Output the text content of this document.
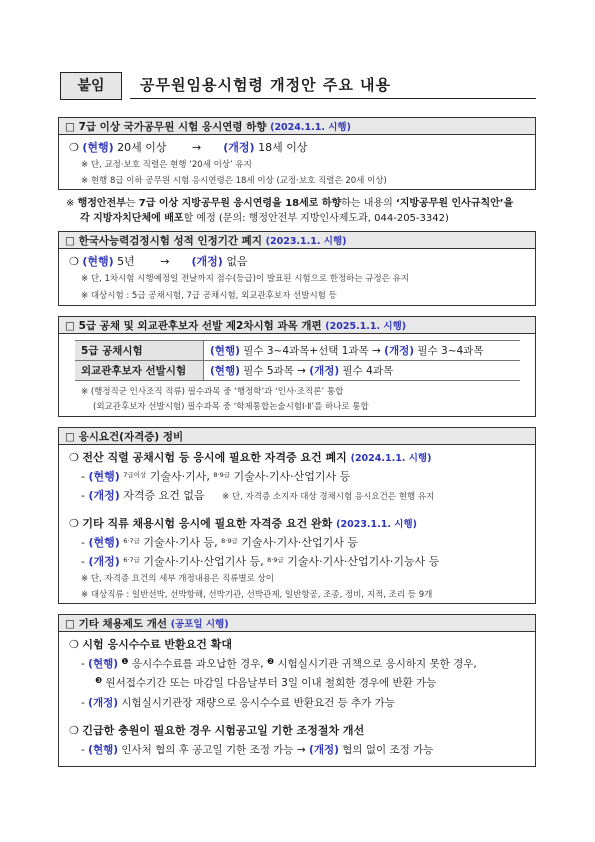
붙임	공무원임용시험령 개정안 주요 내용
□ 7급 이상 국가공무원 시험 응시연령 하향 (2024.1.1. 시행)
❍ (현행) 20세 이상 → (개정) 18세 이상
※ 단, 교정·보호 직렬은 현행 ‘20세 이상’ 유지
※ 현행 8급 이하 공무원 시험 응시연령은 18세 이상 (교정·보호 직렬은 20세 이상)
※ 행정안전부는 7급 이상 지방공무원 응시연령을 18세로 하향하는 내용의 ‘지방공무원 인사규칙안’을
각 지방자치단체에 배포할 예정 (문의: 행정안전부 지방인사제도과, 044-205-3342)
□ 한국사능력검정시험 성적 인정기간 폐지 (2023.1.1. 시행)
❍ (현행) 5년 → (개정) 없음
※ 단, 1차시험 시행예정일 전날까지 점수(등급)이 발표된 시험으로 한정하는 규정은 유지
※ 대상시험 : 5급 공채시험, 7급 공채시험, 외교관후보자 선발시험 등
□ 5급 공채 및 외교관후보자 선발 제2차시험 과목 개편 (2025.1.1. 시행)
5급 공채시험	(현행) 필수 3~4과목+선택 1과목 → (개정) 필수 3~4과목
외교관후보자 선발시험	(현행) 필수 5과목 → (개정) 필수 4과목
※ (행정직군 인사조직 직류) 필수과목 중 ‘행정학’과 ‘인사·조직론’ 통합
(외교관후보자 선발시험) 필수과목 중 ‘학제통합논술시험Ⅰ·Ⅱ’를 하나로 통합
□ 응시요건(자격증) 정비
❍ 전산 직렬 공채시험 등 응시에 필요한 자격증 요건 폐지 (2024.1.1. 시행)
- (현행) $^{7급이상}$ 기술사·기사, $^{8\cdot 9급}$ 기술사·기사·산업기사 등
- (개정) 자격증 요건 없음 ※ 단, 자격증 소지자 대상 경채시험 응시요건은 현행 유지
❍ 기타 직류 채용시험 응시에 필요한 자격증 요건 완화 (2023.1.1. 시행)
- (현행) $^{6\cdot 7급}$ 기술사·기사 등, $^{8\cdot 9급}$ 기술사·기사·산업기사 등
- (개정) $^{6\cdot 7급}$ 기술사·기사·산업기사 등, $^{8\cdot 9급}$ 기술사·기사·산업기사·기능사 등
※ 단, 자격증 요건의 세부 개정내용은 직류별로 상이
※ 대상직류 : 일반선박, 선박항해, 선박기관, 선박관제, 일반항공, 조종, 정비, 지적, 조리 등 9개
□ 기타 채용제도 개선 (공포일 시행)
❍ 시험 응시수수료 반환요건 확대
- (현행) $^❶$ 응시수수료를 과오납한 경우, $^❷$ 시험실시기관 귀책으로 응시하지 못한 경우,
$^❸$ 원서접수기간 또는 마감일 다음날부터 3일 이내 철회한 경우에 반환 가능
- (개정) 시험실시기관장 재량으로 응시수수료 반환요건 등 추가 가능
❍ 긴급한 충원이 필요한 경우 시험공고일 기한 조정절차 개선
- (현행) 인사처 협의 후 공고일 기한 조정 가능 → (개정) 협의 없이 조정 가능
